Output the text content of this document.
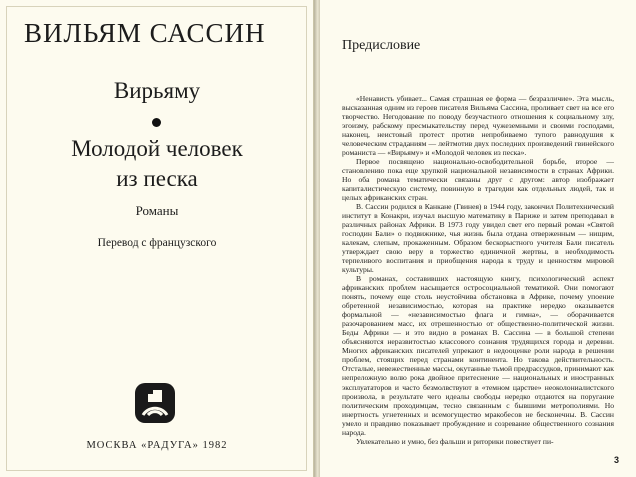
ВИЛЬЯМ САССИН
Вирьяму
Молодой человек
из песка
Романы
Перевод с французского
МОСКВА «РАДУГА» 1982
Предисловие

«Ненависть убивает... Самая страшная ее форма — безразличие». Эта мысль, высказанная одним из героев писателя Вильяма Сассина, проливает свет на все его творчество. Негодование по поводу безучастного отношения к социальному злу, эгоизму, рабскому пресмыкательству перед чужеземными и своими господами, наконец, неистовый протест против непробиваемо тупого равнодушия к человеческим страданиям — лейтмотив двух последних произведений гвинейского романиста — «Вирьяму» и «Молодой человек из песка».

Первое посвящено национально-освободительной борьбе, второе — становлению пока еще хрупкой национальной независимости в странах Африки. Но оба романа тематически связаны друг с другом: автор изображает капиталистическую систему, повинную в трагедии как отдельных людей, так и целых африканских стран.

В. Сассин родился в Канкане (Гвинея) в 1944 году, закончил Политехнический институт в Конакри, изучал высшую математику в Париже и затем преподавал в различных районах Африки. В 1973 году увидел свет его первый роман «Святой господин Бали» о подвижнике, чья жизнь была отдана отверженным — нищим, калекам, слепым, прокаженным. Образом бескорыстного учителя Бали писатель утверждает свою веру в торжество единичной жертвы, в необходимость терпеливого воспитания и приобщения народа к труду и ценностям мировой культуры.

В романах, составивших настоящую книгу, психологический аспект африканских проблем насыщается остросоциальной тематикой. Они помогают понять, почему еще столь неустойчива обстановка в Африке, почему упоение обретенной независимостью, которая на практике нередко оказывается формальной — «независимостью флага и гимна», — оборачивается разочарованием масс, их отрешенностью от общественно-политической жизни. Беды Африки — и это видно в романах В. Сассина — в большой степени объясняются неразвитостью классового сознания трудящихся города и деревни. Многих африканских писателей упрекают в недооценке роли народа в решении проблем, стоящих перед странами континента. Но такова действительность. Отсталые, невежественные массы, окутанные тьмой предрассудков, принимают как непреложную волю рока двойное притеснение — национальных и иностранных эксплуататоров и часто безмолвствуют в «темном царстве» неоколониалистского произвола, в результате чего идеалы свободы нередко отдаются на поругание политическим проходимцам, тесно связанным с бывшими метрополиями. Но инертность угнетенных и всемогущество мракобесов не бесконечны. В. Сассин умело и правдиво показывает пробуждение и созревание общественного сознания народа.

Увлекательно и умно, без фальши и риторики повествует пи-

3
